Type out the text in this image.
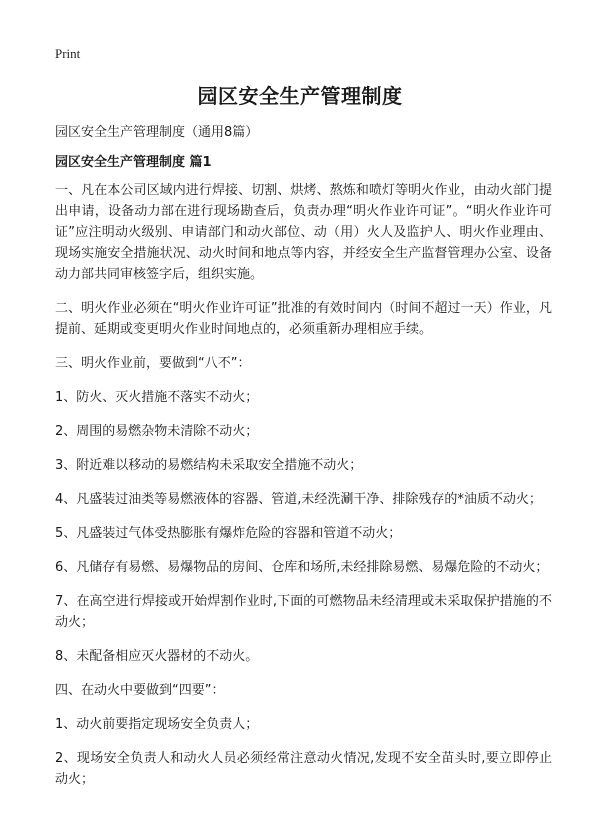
Print
园区安全生产管理制度
园区安全生产管理制度（通用8篇）
园区安全生产管理制度 篇1

一、凡在本公司区域内进行焊接、切割、烘烤、熬炼和喷灯等明火作业，由动火部门提出申请，设备动力部在进行现场勘查后，负责办理“明火作业许可证”。“明火作业许可证”应注明动火级别、申请部门和动火部位、动（用）火人及监护人、明火作业理由、现场实施安全措施状况、动火时间和地点等内容，并经安全生产监督管理办公室、设备动力部共同审核签字后，组织实施。

二、明火作业必须在“明火作业许可证”批准的有效时间内（时间不超过一天）作业，凡提前、延期或变更明火作业时间地点的，必须重新办理相应手续。

三、明火作业前，要做到“八不”：

1、防火、灭火措施不落实不动火；

2、周围的易燃杂物未清除不动火；

3、附近难以移动的易燃结构未采取安全措施不动火；

4、凡盛装过油类等易燃液体的容器、管道,未经洗涮干净、排除残存的*油质不动火；

5、凡盛装过气体受热膨胀有爆炸危险的容器和管道不动火；

6、凡储存有易燃、易爆物品的房间、仓库和场所,未经排除易燃、易爆危险的不动火；

7、在高空进行焊接或开始焊割作业时,下面的可燃物品未经清理或未采取保护措施的不动火；

8、未配备相应灭火器材的不动火。

四、在动火中要做到“四要”：

1、动火前要指定现场安全负责人；

2、现场安全负责人和动火人员必须经常注意动火情况,发现不安全苗头时,要立即停止动火；
